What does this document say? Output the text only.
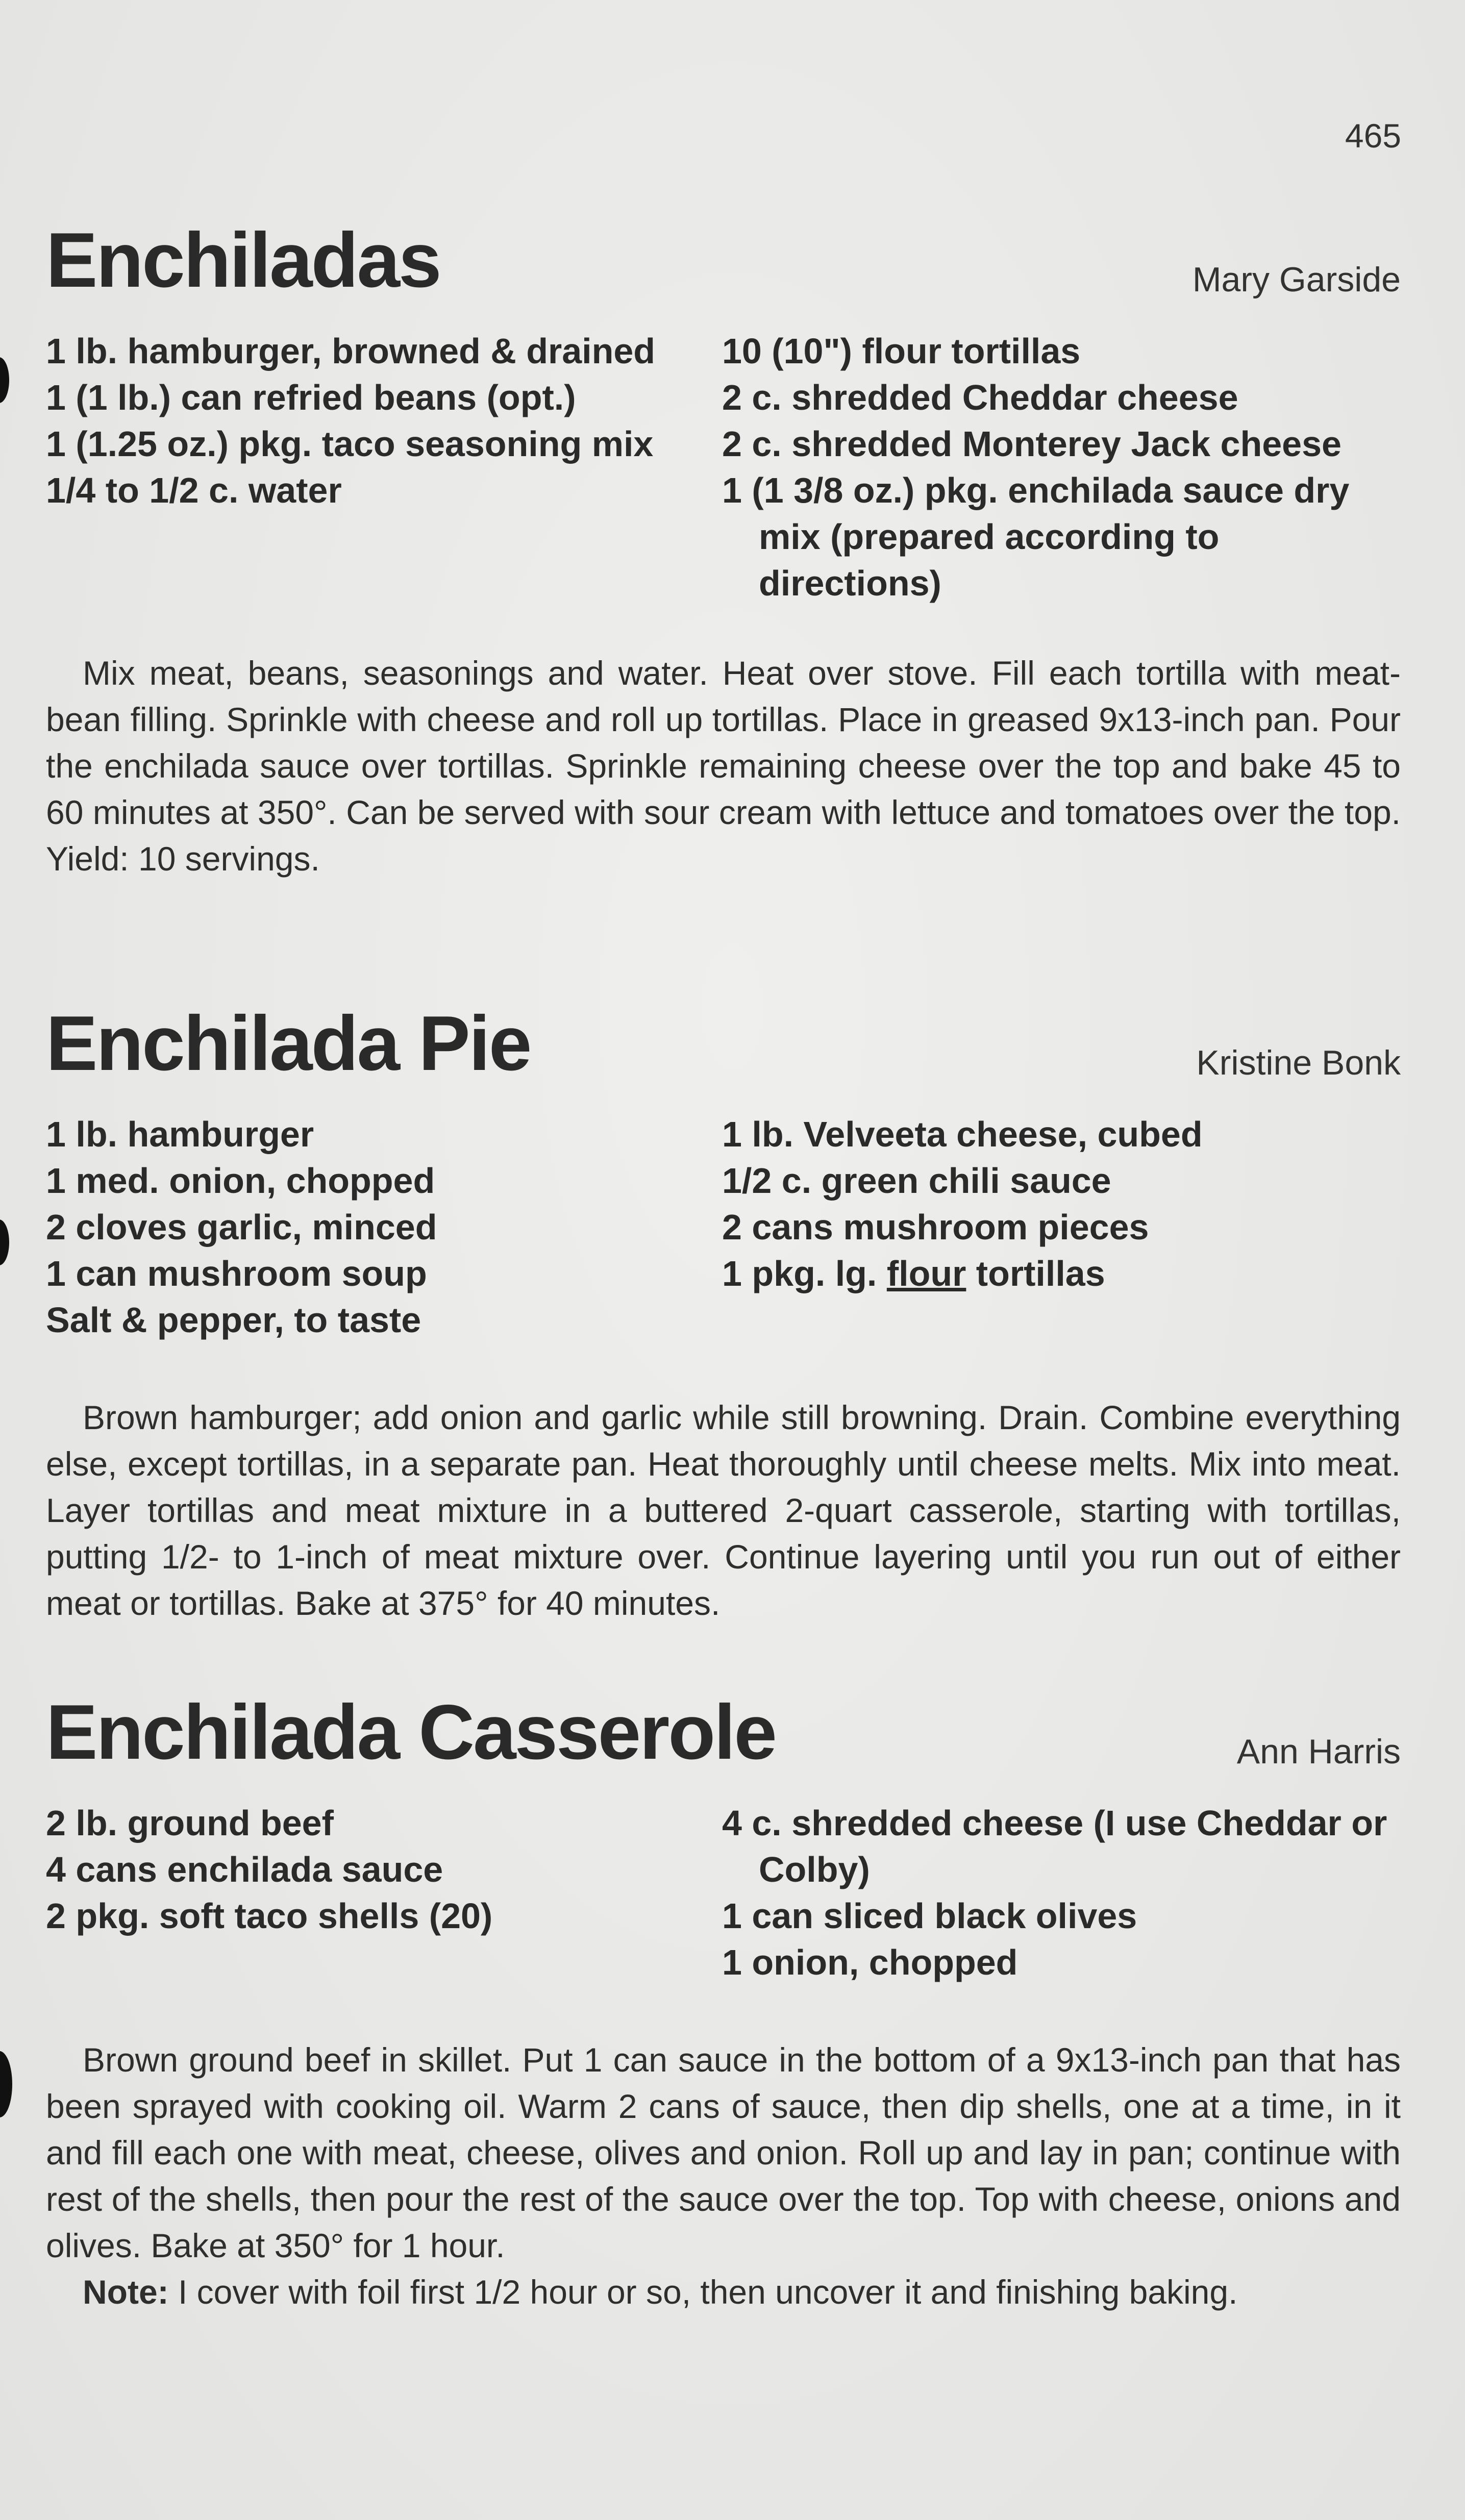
465
Enchiladas	Mary Garside
1 lb. hamburger, browned & drained
1 (1 lb.) can refried beans (opt.)
1 (1.25 oz.) pkg. taco seasoning mix
1/4 to 1/2 c. water
10 (10") flour tortillas
2 c. shredded Cheddar cheese
2 c. shredded Monterey Jack cheese
1 (1 3/8 oz.) pkg. enchilada sauce dry mix (prepared according to directions)

Mix meat, beans, seasonings and water. Heat over stove. Fill each tortilla with meat-bean filling. Sprinkle with cheese and roll up tortillas. Place in greased 9x13-inch pan. Pour the enchilada sauce over tortillas. Sprinkle remaining cheese over the top and bake 45 to 60 minutes at 350°. Can be served with sour cream with lettuce and tomatoes over the top. Yield: 10 servings.

Enchilada Pie	Kristine Bonk
1 lb. hamburger
1 med. onion, chopped
2 cloves garlic, minced
1 can mushroom soup
Salt & pepper, to taste
1 lb. Velveeta cheese, cubed
1/2 c. green chili sauce
2 cans mushroom pieces
1 pkg. lg. flour tortillas

Brown hamburger; add onion and garlic while still browning. Drain. Combine everything else, except tortillas, in a separate pan. Heat thoroughly until cheese melts. Mix into meat. Layer tortillas and meat mixture in a buttered 2-quart casserole, starting with tortillas, putting 1/2- to 1-inch of meat mixture over. Continue layering until you run out of either meat or tortillas. Bake at 375° for 40 minutes.

Enchilada Casserole	Ann Harris
2 lb. ground beef
4 cans enchilada sauce
2 pkg. soft taco shells (20)
4 c. shredded cheese (I use Cheddar or Colby)
1 can sliced black olives
1 onion, chopped

Brown ground beef in skillet. Put 1 can sauce in the bottom of a 9x13-inch pan that has been sprayed with cooking oil. Warm 2 cans of sauce, then dip shells, one at a time, in it and fill each one with meat, cheese, olives and onion. Roll up and lay in pan; continue with rest of the shells, then pour the rest of the sauce over the top. Top with cheese, onions and olives. Bake at 350° for 1 hour.

Note: I cover with foil first 1/2 hour or so, then uncover it and finishing baking.
